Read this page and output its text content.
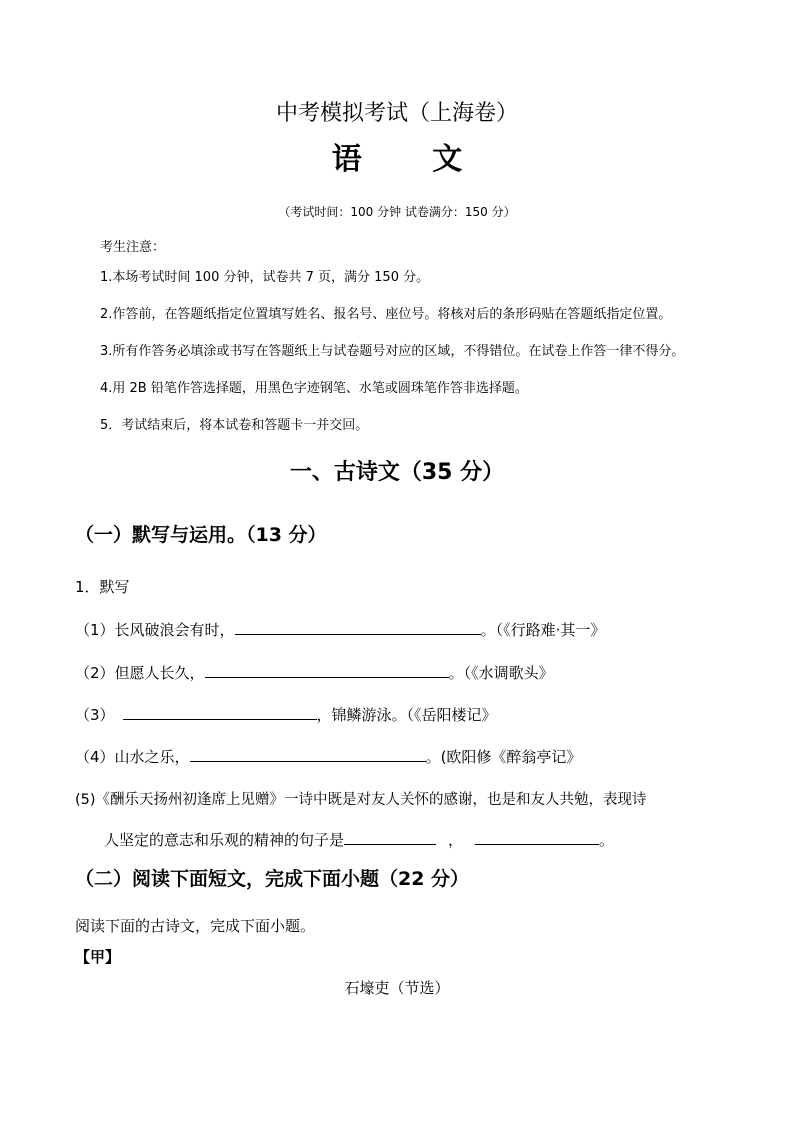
中考模拟考试（上海卷）
语 文
（考试时间：100 分钟 试卷满分：150 分）
考生注意：
1.本场考试时间 100 分钟，试卷共 7 页，满分 150 分。
2.作答前，在答题纸指定位置填写姓名、报名号、座位号。将核对后的条形码贴在答题纸指定位置。
3.所有作答务必填涂或书写在答题纸上与试卷题号对应的区域，不得错位。在试卷上作答一律不得分。
4.用 2B 铅笔作答选择题，用黑色字迹钢笔、水笔或圆珠笔作答非选择题。
5．考试结束后，将本试卷和答题卡一并交回。
一、古诗文（35 分）
（一）默写与运用。（13 分）
1．默写
（1）长风破浪会有时，	。（《行路难·其一》
（2）但愿人长久，	。（《水调歌头》
（3）	，锦鳞游泳。（《岳阳楼记》
（4）山水之乐，	。(欧阳修《醉翁亭记》
(5)《酬乐天扬州初逢席上见赠》一诗中既是对友人关怀的感谢，也是和友人共勉，表现诗
人坚定的意志和乐观的精神的句子是	，	。
（二）阅读下面短文，完成下面小题（22 分）
阅读下面的古诗文，完成下面小题。
【甲】
石壕吏（节选）
